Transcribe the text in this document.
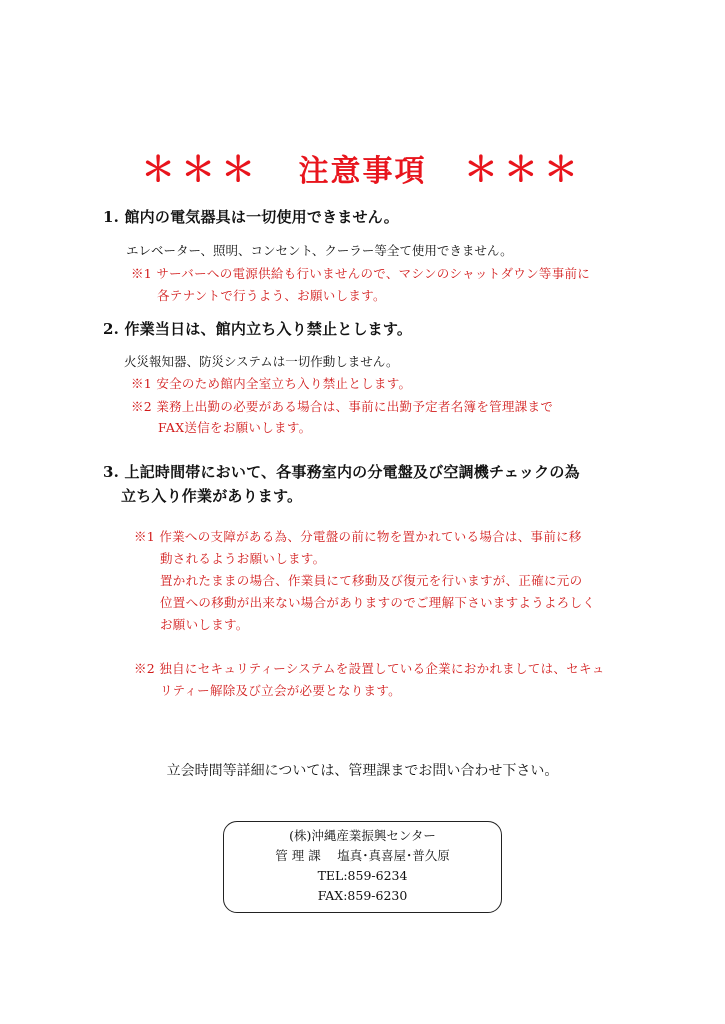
＊＊＊ 注意事項 ＊＊＊
1. 館内の電気器具は一切使用できません。
エレベーター、照明、コンセント、クーラー等全て使用できません。
※1 サーバーへの電源供給も行いませんので、マシンのシャットダウン等事前に
各テナントで行うよう、お願いします。
2. 作業当日は、館内立ち入り禁止とします。
火災報知器、防災システムは一切作動しません。
※1 安全のため館内全室立ち入り禁止とします。
※2 業務上出勤の必要がある場合は、事前に出勤予定者名簿を管理課まで
FAX送信をお願いします。
3. 上記時間帯において、各事務室内の分電盤及び空調機チェックの為
立ち入り作業があります。
※1 作業への支障がある為、分電盤の前に物を置かれている場合は、事前に移
動されるようお願いします。
置かれたままの場合、作業員にて移動及び復元を行いますが、正確に元の
位置への移動が出来ない場合がありますのでご理解下さいますようよろしく
お願いします。
※2 独自にセキュリティーシステムを設置している企業におかれましては、セキュ
リティー解除及び立会が必要となります。
立会時間等詳細については、管理課までお問い合わせ下さい。
(株)沖縄産業振興センター
管 理 課　 塩真･真喜屋･普久原
TEL:859-6234
FAX:859-6230
